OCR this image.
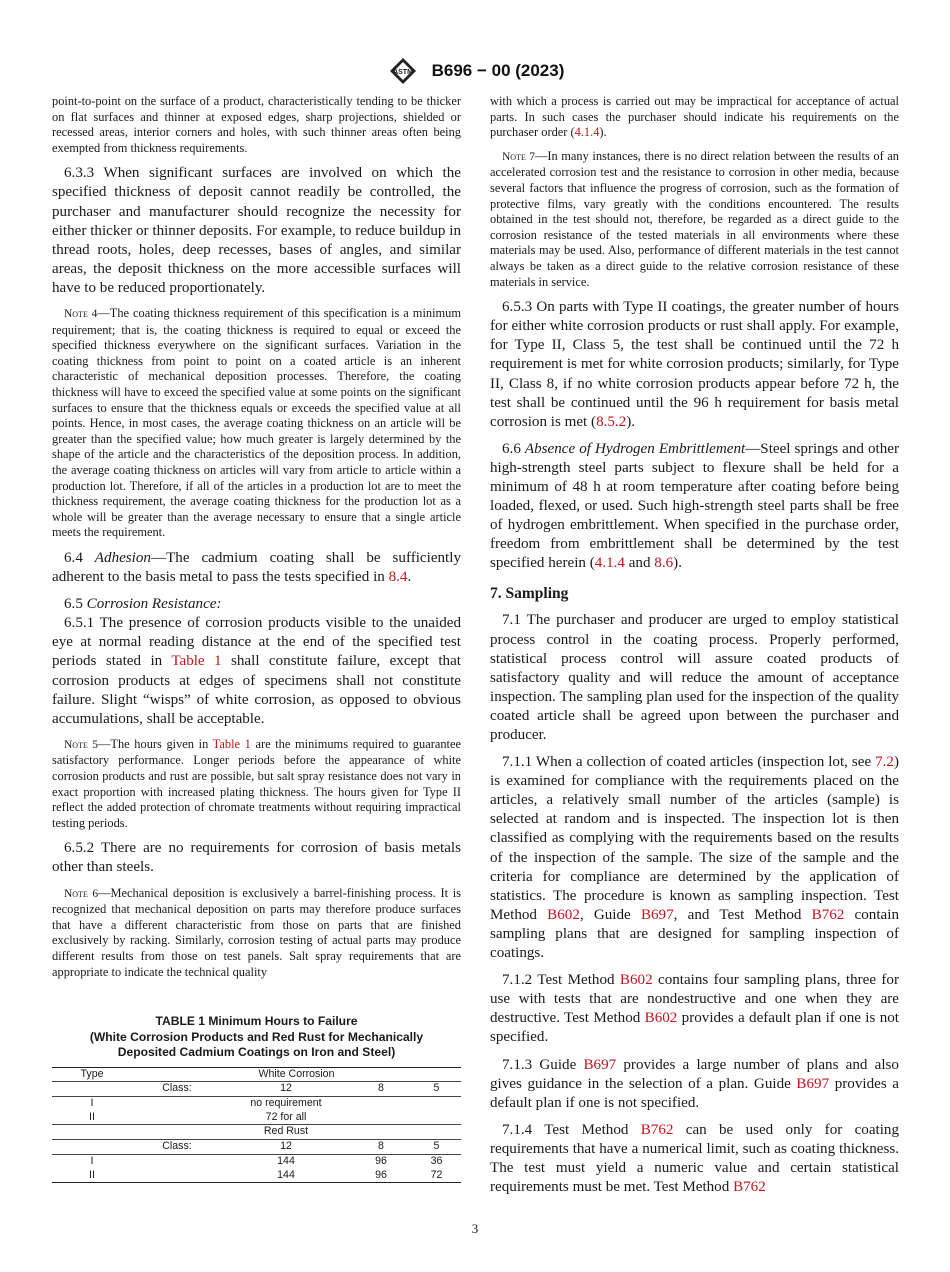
ASTM B696 − 00 (2023)

point-to-point on the surface of a product, characteristically tending to be thicker on flat surfaces and thinner at exposed edges, sharp projections, shielded or recessed areas, interior corners and holes, with such thinner areas often being exempted from thickness requirements.

6.3.3 When significant surfaces are involved on which the specified thickness of deposit cannot readily be controlled, the purchaser and manufacturer should recognize the necessity for either thicker or thinner deposits. For example, to reduce buildup in thread roots, holes, deep recesses, bases of angles, and similar areas, the deposit thickness on the more accessible surfaces will have to be reduced proportionately.

Note 4—The coating thickness requirement of this specification is a minimum requirement; that is, the coating thickness is required to equal or exceed the specified thickness everywhere on the significant surfaces. Variation in the coating thickness from point to point on a coated article is an inherent characteristic of mechanical deposition processes. Therefore, the coating thickness will have to exceed the specified value at some points on the significant surfaces to ensure that the thickness equals or exceeds the specified value at all points. Hence, in most cases, the average coating thickness on an article will be greater than the specified value; how much greater is largely determined by the shape of the article and the characteristics of the deposition process. In addition, the average coating thickness on articles will vary from article to article within a production lot. Therefore, if all of the articles in a production lot are to meet the thickness requirement, the average coating thickness for the production lot as a whole will be greater than the average necessary to ensure that a single article meets the requirement.

6.4 Adhesion—The cadmium coating shall be sufficiently adherent to the basis metal to pass the tests specified in 8.4.

6.5 Corrosion Resistance:

6.5.1 The presence of corrosion products visible to the unaided eye at normal reading distance at the end of the specified test periods stated in Table 1 shall constitute failure, except that corrosion products at edges of specimens shall not constitute failure. Slight “wisps” of white corrosion, as opposed to obvious accumulations, shall be acceptable.

Note 5—The hours given in Table 1 are the minimums required to guarantee satisfactory performance. Longer periods before the appearance of white corrosion products and rust are possible, but salt spray resistance does not vary in exact proportion with increased plating thickness. The hours given for Type II reflect the added protection of chromate treatments without requiring impractical testing periods.

6.5.2 There are no requirements for corrosion of basis metals other than steels.

Note 6—Mechanical deposition is exclusively a barrel-finishing process. It is recognized that mechanical deposition on parts may therefore produce surfaces that have a different characteristic from those on parts that are finished exclusively by racking. Similarly, corrosion testing of actual parts may produce different results from those on test panels. Salt spray requirements that are appropriate to indicate the technical quality

TABLE 1 Minimum Hours to Failure
(White Corrosion Products and Red Rust for Mechanically
Deposited Cadmium Coatings on Iron and Steel)
Type		White Corrosion		
	Class:	12	8	5
I		no requirement		
II		72 for all		
		Red Rust		
	Class:	12	8	5
I		144	96	36
II		144	96	72

with which a process is carried out may be impractical for acceptance of actual parts. In such cases the purchaser should indicate his requirements on the purchaser order (4.1.4).

Note 7—In many instances, there is no direct relation between the results of an accelerated corrosion test and the resistance to corrosion in other media, because several factors that influence the progress of corrosion, such as the formation of protective films, vary greatly with the conditions encountered. The results obtained in the test should not, therefore, be regarded as a direct guide to the corrosion resistance of the tested materials in all environments where these materials may be used. Also, performance of different materials in the test cannot always be taken as a direct guide to the relative corrosion resistance of these materials in service.

6.5.3 On parts with Type II coatings, the greater number of hours for either white corrosion products or rust shall apply. For example, for Type II, Class 5, the test shall be continued until the 72 h requirement is met for white corrosion products; similarly, for Type II, Class 8, if no white corrosion products appear before 72 h, the test shall be continued until the 96 h requirement for basis metal corrosion is met (8.5.2).

6.6 Absence of Hydrogen Embrittlement—Steel springs and other high-strength steel parts subject to flexure shall be held for a minimum of 48 h at room temperature after coating before being loaded, flexed, or used. Such high-strength steel parts shall be free of hydrogen embrittlement. When specified in the purchase order, freedom from embrittlement shall be determined by the test specified herein (4.1.4 and 8.6).

7. Sampling

7.1 The purchaser and producer are urged to employ statistical process control in the coating process. Properly performed, statistical process control will assure coated products of satisfactory quality and will reduce the amount of acceptance inspection. The sampling plan used for the inspection of the quality coated article shall be agreed upon between the purchaser and producer.

7.1.1 When a collection of coated articles (inspection lot, see 7.2) is examined for compliance with the requirements placed on the articles, a relatively small number of the articles (sample) is selected at random and is inspected. The inspection lot is then classified as complying with the requirements based on the results of the inspection of the sample. The size of the sample and the criteria for compliance are determined by the application of statistics. The procedure is known as sampling inspection. Test Method B602, Guide B697, and Test Method B762 contain sampling plans that are designed for sampling inspection of coatings.

7.1.2 Test Method B602 contains four sampling plans, three for use with tests that are nondestructive and one when they are destructive. Test Method B602 provides a default plan if one is not specified.

7.1.3 Guide B697 provides a large number of plans and also gives guidance in the selection of a plan. Guide B697 provides a default plan if one is not specified.

7.1.4 Test Method B762 can be used only for coating requirements that have a numerical limit, such as coating thickness. The test must yield a numeric value and certain statistical requirements must be met. Test Method B762

3
